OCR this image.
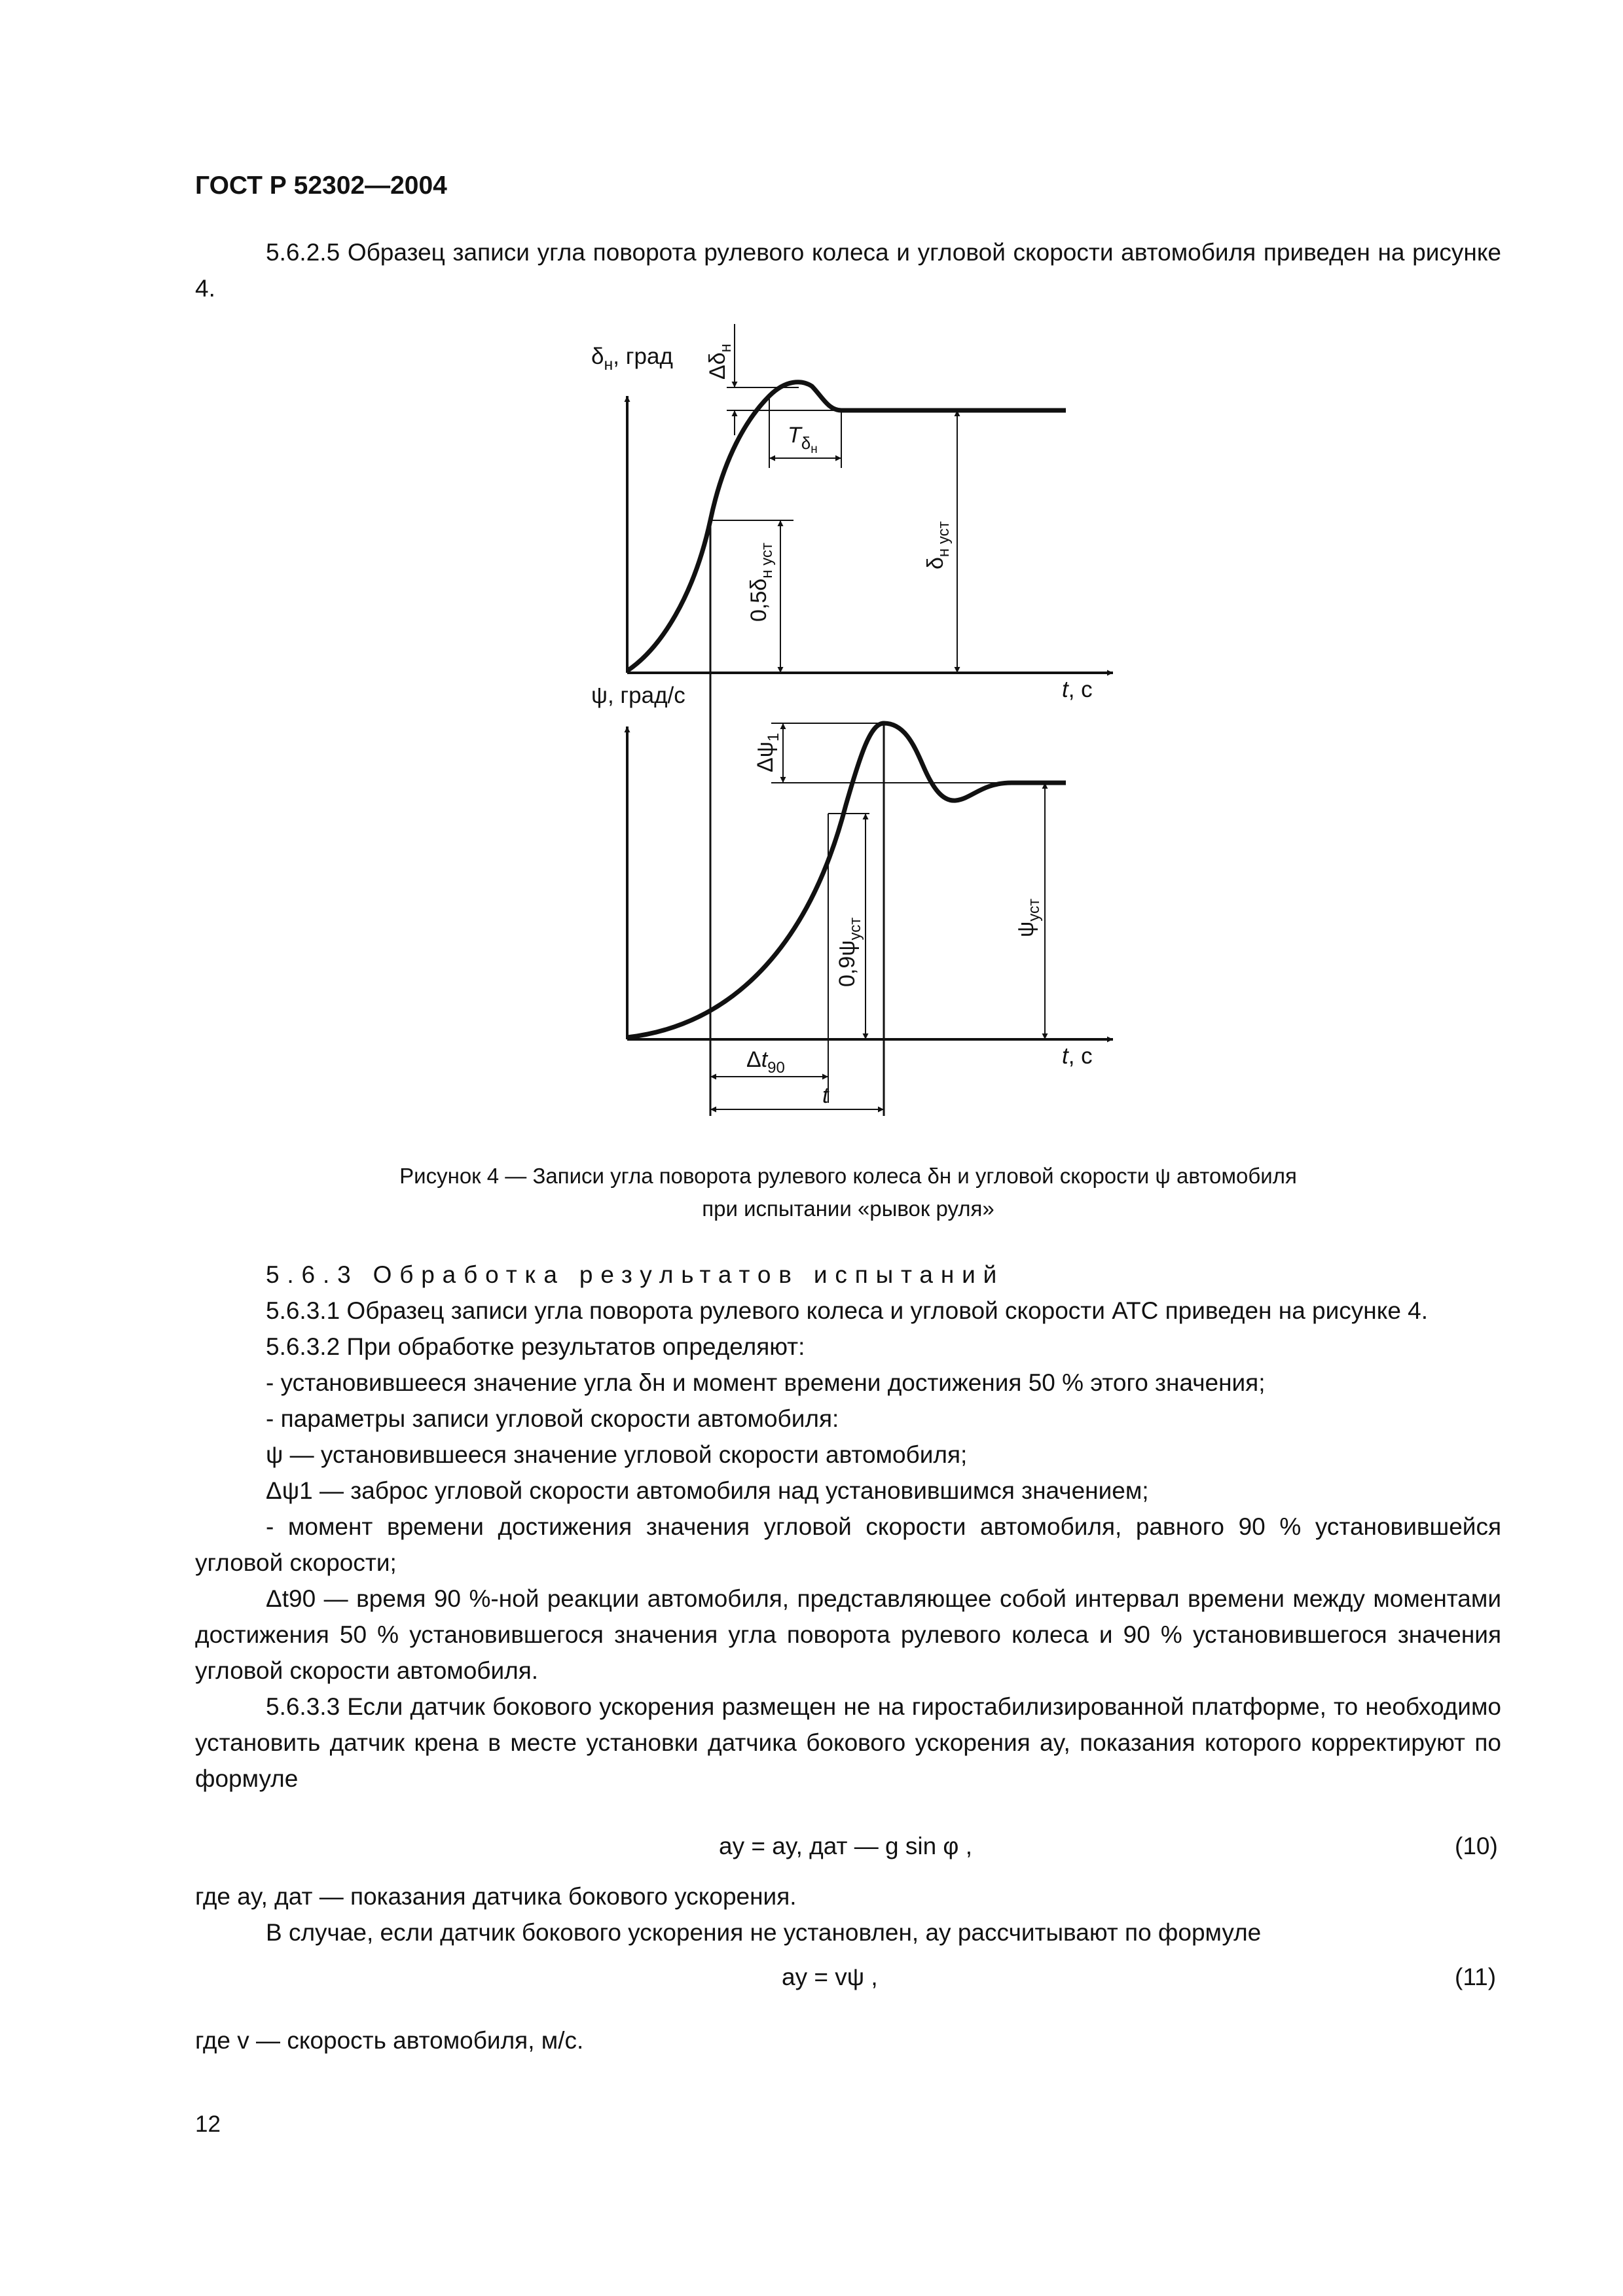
ГОСТ Р 52302—2004

5.6.2.5 Образец записи угла поворота рулевого колеса и угловой скорости автомобиля приведен на рисунке 4.

$\delta_н$, град $\Delta\delta_н$
$T_\delta н$
$0,5\delta_{н уст}$	$\delta_{н уст}$
t, с
ψ, град/с
$\Delta\psi_1$
$0,9\psi_{уст}$	$\psi_{уст}$
t, с
$\Delta t_{90}$
t
Рисунок 4 — Записи угла поворота рулевого колеса δн и угловой скорости ψ автомобиля
при испытании «рывок руля»

5.6.3 Обработка результатов испытаний

5.6.3.1 Образец записи угла поворота рулевого колеса и угловой скорости АТС приведен на рисунке 4.

5.6.3.2 При обработке результатов определяют:

- установившееся значение угла δн и момент времени достижения 50 % этого значения;

- параметры записи угловой скорости автомобиля:

ψ — установившееся значение угловой скорости автомобиля;

Δψ1 — заброс угловой скорости автомобиля над установившимся значением;

- момент времени достижения значения угловой скорости автомобиля, равного 90 % установившейся угловой скорости;

Δt90 — время 90 %-ной реакции автомобиля, представляющее собой интервал времени между моментами достижения 50 % установившегося значения угла поворота рулевого колеса и 90 % установившегося значения угловой скорости автомобиля.

5.6.3.3 Если датчик бокового ускорения размещен не на гиростабилизированной платформе, то необходимо установить датчик крена в месте установки датчика бокового ускорения ay, показания которого корректируют по формуле

ay = ay, дат — g sin φ ,	(10)

где ay, дат — показания датчика бокового ускорения.

В случае, если датчик бокового ускорения не установлен, ay рассчитывают по формуле

ay = vψ ,	(11)

где v — скорость автомобиля, м/с.

12
